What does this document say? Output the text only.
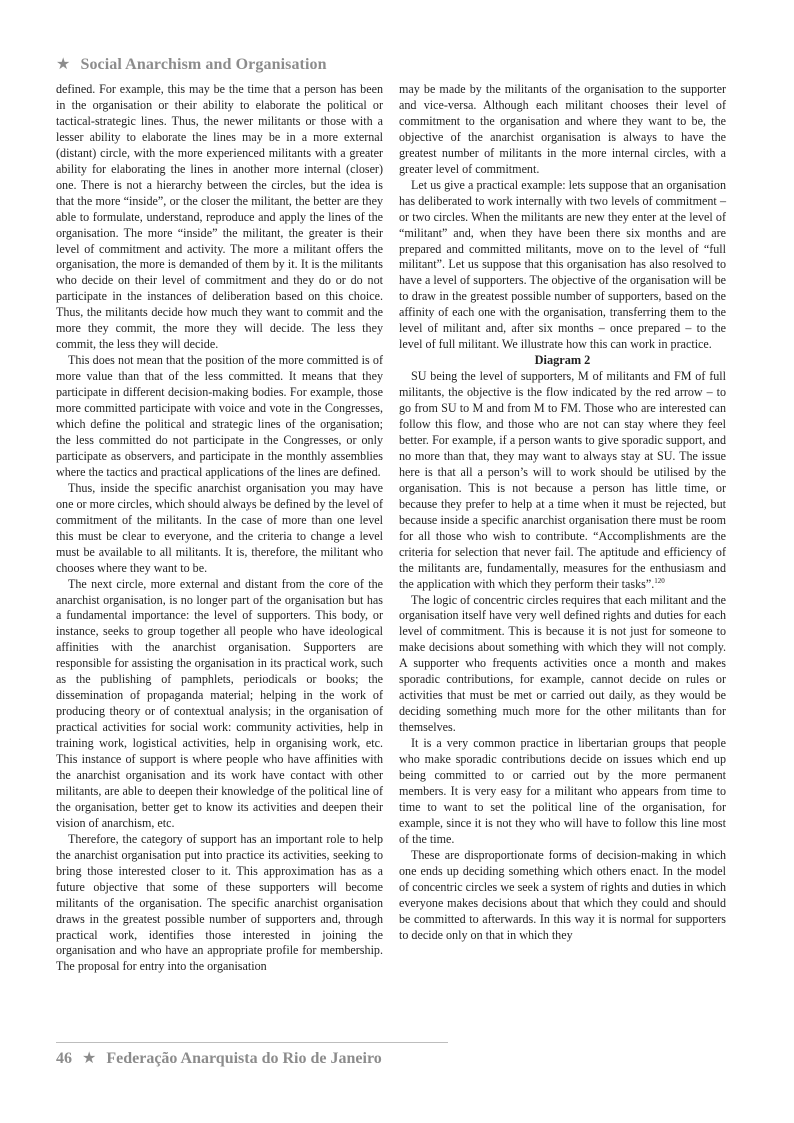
★ Social Anarchism and Organisation

defined. For example, this may be the time that a person has been in the organisation or their ability to elaborate the political or tactical-strategic lines. Thus, the newer militants or those with a lesser ability to elaborate the lines may be in a more external (distant) circle, with the more experienced militants with a greater ability for elaborating the lines in another more internal (closer) one. There is not a hierarchy between the circles, but the idea is that the more “inside”, or the closer the militant, the better are they able to formulate, understand, reproduce and apply the lines of the organisation. The more “inside” the militant, the greater is their level of commitment and activity. The more a militant offers the organisation, the more is demanded of them by it. It is the militants who decide on their level of commitment and they do or do not participate in the instances of deliberation based on this choice. Thus, the militants decide how much they want to commit and the more they commit, the more they will decide. The less they commit, the less they will decide.

This does not mean that the position of the more committed is of more value than that of the less committed. It means that they participate in different decision-making bodies. For example, those more committed participate with voice and vote in the Congresses, which define the political and strategic lines of the organisation; the less committed do not participate in the Congresses, or only participate as observers, and participate in the monthly assemblies where the tactics and practical applications of the lines are defined.

Thus, inside the specific anarchist organisation you may have one or more circles, which should always be defined by the level of commitment of the militants. In the case of more than one level this must be clear to everyone, and the criteria to change a level must be available to all militants. It is, therefore, the militant who chooses where they want to be.

The next circle, more external and distant from the core of the anarchist organisation, is no longer part of the organisation but has a fundamental importance: the level of supporters. This body, or instance, seeks to group together all people who have ideological affinities with the anarchist organisation. Supporters are responsible for assisting the organisation in its practical work, such as the publishing of pamphlets, periodicals or books; the dissemination of propaganda material; helping in the work of producing theory or of contextual analysis; in the organisation of practical activities for social work: community activities, help in training work, logistical activities, help in organising work, etc. This instance of support is where people who have affinities with the anarchist organisation and its work have contact with other militants, are able to deepen their knowledge of the political line of the organisation, better get to know its activities and deepen their vision of anarchism, etc.

Therefore, the category of support has an important role to help the anarchist organisation put into practice its activities, seeking to bring those interested closer to it. This approximation has as a future objective that some of these supporters will become militants of the organisation. The specific anarchist organisation draws in the greatest possible number of supporters and, through practical work, identifies those interested in joining the organisation and who have an appropriate profile for membership. The proposal for entry into the organisation

may be made by the militants of the organisation to the supporter and vice-versa. Although each militant chooses their level of commitment to the organisation and where they want to be, the objective of the anarchist organisation is always to have the greatest number of militants in the more internal circles, with a greater level of commitment.

Let us give a practical example: lets suppose that an organisation has deliberated to work internally with two levels of commitment – or two circles. When the militants are new they enter at the level of “militant” and, when they have been there six months and are prepared and committed militants, move on to the level of “full militant”. Let us suppose that this organisation has also resolved to have a level of supporters. The objective of the organisation will be to draw in the greatest possible number of supporters, based on the affinity of each one with the organisation, transferring them to the level of militant and, after six months – once prepared – to the level of full militant. We illustrate how this can work in practice.

Diagram 2

SU being the level of supporters, M of militants and FM of full militants, the objective is the flow indicated by the red arrow – to go from SU to M and from M to FM. Those who are interested can follow this flow, and those who are not can stay where they feel better. For example, if a person wants to give sporadic support, and no more than that, they may want to always stay at SU. The issue here is that all a person’s will to work should be utilised by the organisation. This is not because a person has little time, or because they prefer to help at a time when it must be rejected, but because inside a specific anarchist organisation there must be room for all those who wish to contribute. “Accomplishments are the criteria for selection that never fail. The aptitude and efficiency of the militants are, fundamentally, measures for the enthusiasm and the application with which they perform their tasks”.$^{120}$

The logic of concentric circles requires that each militant and the organisation itself have very well defined rights and duties for each level of commitment. This is because it is not just for someone to make decisions about something with which they will not comply. A supporter who frequents activities once a month and makes sporadic contributions, for example, cannot decide on rules or activities that must be met or carried out daily, as they would be deciding something much more for the other militants than for themselves.

It is a very common practice in libertarian groups that people who make sporadic contributions decide on issues which end up being committed to or carried out by the more permanent members. It is very easy for a militant who appears from time to time to want to set the political line of the organisation, for example, since it is not they who will have to follow this line most of the time.

These are disproportionate forms of decision-making in which one ends up deciding something which others enact. In the model of concentric circles we seek a system of rights and duties in which everyone makes decisions about that which they could and should be committed to afterwards. In this way it is normal for supporters to decide only on that in which they

46 ★ Federação Anarquista do Rio de Janeiro
